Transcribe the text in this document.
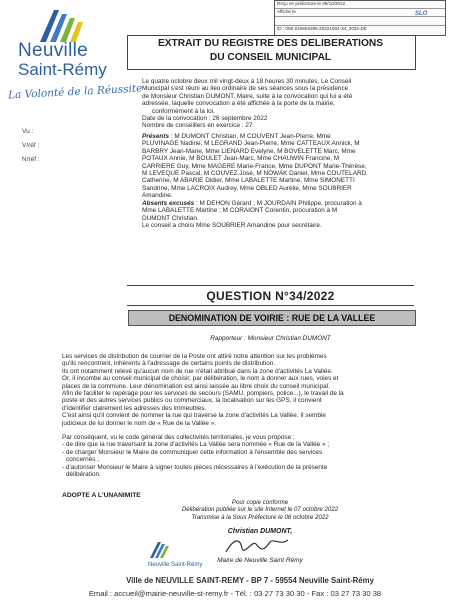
Reçu en préfecture le 06/10/2022
Affiché le
ID : 059-215904285-20221004-34_2022-DE
SLO
Neuville
Saint-Rémy
La Volonté de la Réussite
Vu :
V/réf :
N/réf :
EXTRAIT DU REGISTRE DES DELIBERATIONS
DU CONSEIL MUNICIPAL
Le quatre octobre deux mil vingt-deux à 18 heures 30 minutes, Le Conseil
Municipal s'est réuni au lieu ordinaire de ses séances sous la présidence
de Monsieur Christian DUMONT, Maire, suite à la convocation qui lui a été
adressée, laquelle convocation a été affichée à la porte de la mairie,
conformément à la loi.
Date de la convocation : 26 septembre 2022
Nombre de conseillers en exercice : 27
Présents : M DUMONT Christian, M COUVENT Jean-Pierre, Mme
PLUVINAGE Nadine, M LEGRAND Jean-Pierre, Mme CATTEAUX Annick, M
BARBRY Jean-Marie, Mme LIENARD Evelyne, M BOVELETTE Marc, Mme
POTAUX Annie, M BOULET Jean-Marc, Mme CHAUWIN Francine, M
CARRIERE Guy, Mme MAGERE Marie-France, Mme DUPONT Marie-Thérèse,
M LEVEQUE Pascal, M COUVEZ José, M NOWAK Daniel, Mme COUTELARD
Catherine, M ABARIE Didier, Mme LABALETTE Martine, Mme SIMONETTI
Sandrine, Mme LACROIX Audrey, Mme OBLED Aurélie, Mme SOUBRIER
Amandine.
Absents excusés : M DEHON Gérard ; M JOURDAIN Philippe, procuration à
Mme LABALETTE Martine ; M CORAIONT Corentin, procuration à M
DUMONT Christian.
Le conseil a choisi Mme SOUBRIER Amandine pour secrétaire.
QUESTION N°34/2022
DENOMINATION DE VOIRIE : RUE DE LA VALLEE
Rapporteur : Monsieur Christian DUMONT
Les services de distribution de courrier de la Poste ont attiré notre attention sur les problèmes
qu'ils rencontrent, inhérents à l'adressage de certains points de distribution.
Ils ont notamment relevé qu'aucun nom de rue n'était attribué dans la zone d'activités La Vallée.
Or, il incombe au conseil municipal de choisir, par délibération, le nom à donner aux rues, voies et
places de la commune. Leur dénomination est ainsi laissée au libre choix du conseil municipal.
Afin de faciliter le repérage pour les services de secours (SAMU, pompiers, police...), le travail de la
poste et des autres services publics ou commerciaux, la localisation sur les GPS, il convient
d'identifier clairement les adresses des immeubles.
C'est ainsi qu'il convient de nommer la rue qui traverse la zone d'activités La Vallée. Il semble
judicieux de lui donner le nom de « Rue de la Vallée ».
Par conséquent, vu le code général des collectivités territoriales, je vous propose :
- de dire que la rue traversant la zone d'activités La Vallée sera nommée « Rue de la Vallée » ;
- de charger Monsieur le Maire de communiquer cette information à l'ensemble des services
concernés ;
- d'autoriser Monsieur le Maire à signer toutes pièces nécessaires à l'exécution de la présente
délibération.
ADOPTE A L'UNANIMITE
Pour copie conforme
Délibération publiée sur le site Internet le 07 octobre 2022
Transmise à la Sous Préfecture le 06 octobre 2022
Christian DUMONT,
Neuville Saint-Rémy
Maire de Neuville Saint Rémy
Ville de NEUVILLE SAINT-REMY - BP 7 - 59554 Neuville Saint-Rémy
Email : accueil@mairie-neuville-st-remy.fr - Tél. : 03 27 73 30 30 - Fax : 03 27 73 30 38
